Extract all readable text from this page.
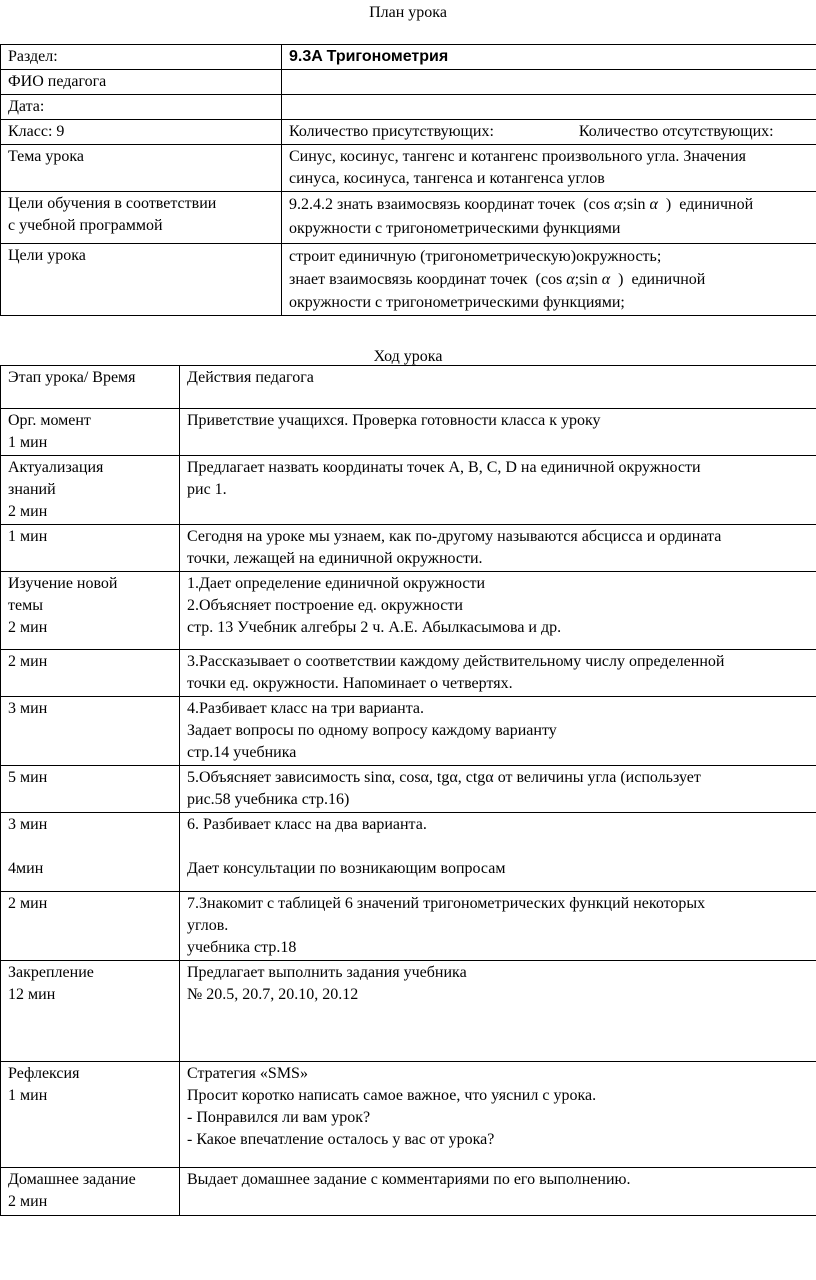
План урока
Раздел:	9.3A Тригонометрия
ФИО педагога	
Дата:	
Класс: 9	Количество присутствующих: Количество отсутствующих:
Тема урока	Синус, косинус, тангенс и котангенс произвольного угла. Значения
синуса, косинуса, тангенса и котангенса углов

Цели обучения в соответствии
с учебной программой	9.2.4.2 знать взаимосвязь координат точек (cos α;sin α ) единичной
окружности с тригонометрическими функциями

Цели урока	строит единичную (тригонометрическую)окружность;
знает взаимосвязь координат точек (cos α;sin α ) единичной
окружности с тригонометрическими функциями;
Ход урока
Этап урока/ Время	Действия педагога

Орг. момент
1 мин	Приветствие учащихся. Проверка готовности класса к уроку

Актуализация
знаний
2 мин	Предлагает назвать координаты точек A, B, C, D на единичной окружности
рис 1.

1 мин	Сегодня на уроке мы узнаем, как по-другому называются абсцисса и ордината
точки, лежащей на единичной окружности.

Изучение новой
темы
2 мин	1.Дает определение единичной окружности
2.Объясняет построение ед. окружности
стр. 13 Учебник алгебры 2 ч. А.Е. Абылкасымова и др.

2 мин	3.Рассказывает о соответствии каждому действительному числу определенной
точки ед. окружности. Напоминает о четвертях.

3 мин	4.Разбивает класс на три варианта.
Задает вопросы по одному вопросу каждому варианту
стр.14 учебника

5 мин	5.Объясняет зависимость sinα, cosα, tgα, ctgα от величины угла (использует
рис.58 учебника стр.16)

3 мин

4мин	6. Разбивает класс на два варианта.

Дает консультации по возникающим вопросам

2 мин	7.Знакомит с таблицей 6 значений тригонометрических функций некоторых
углов.
учебника стр.18

Закрепление
12 мин	Предлагает выполнить задания учебника
№ 20.5, 20.7, 20.10, 20.12

Рефлексия
1 мин	Стратегия «SMS»
Просит коротко написать самое важное, что уяснил с урока.
- Понравился ли вам урок?
- Какое впечатление осталось у вас от урока?

Домашнее задание
2 мин	Выдает домашнее задание с комментариями по его выполнению.
